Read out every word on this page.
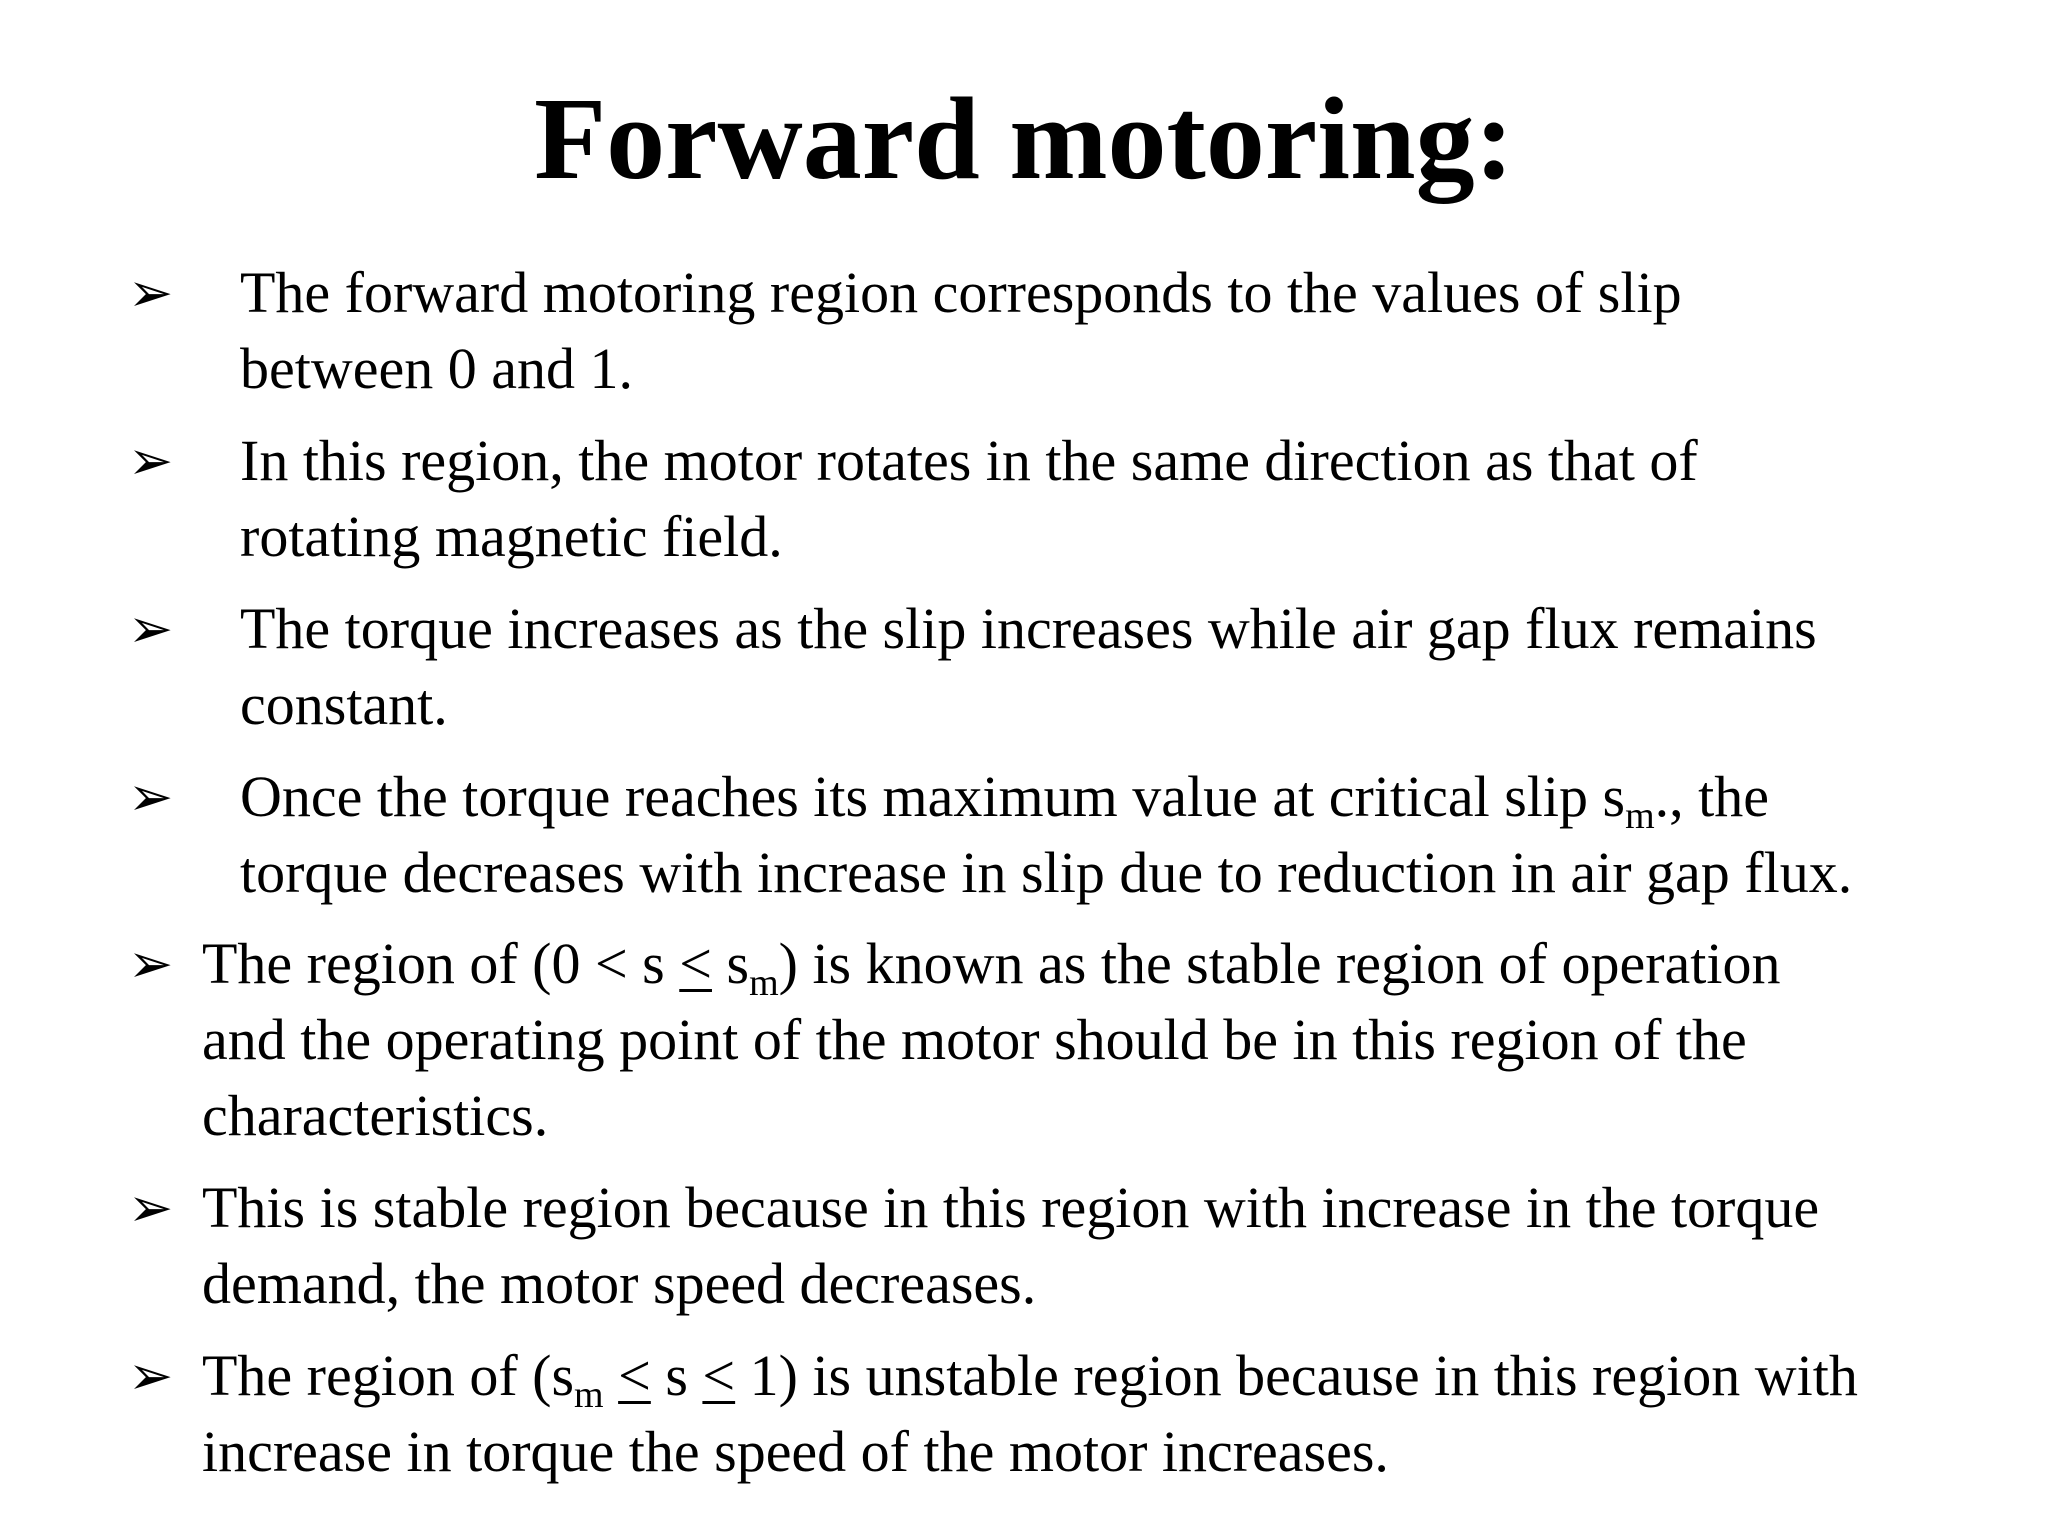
Forward motoring:
➢ The forward motoring region corresponds to the values of slip
between 0 and 1.
➢ In this region, the motor rotates in the same direction as that of
rotating magnetic field.
➢ The torque increases as the slip increases while air gap flux remains
constant.
➢ Once the torque reaches its maximum value at critical slip $s_m$., the
torque decreases with increase in slip due to reduction in air gap flux.
➢ The region of $(0 < s \le s_m)$ is known as the stable region of operation
and the operating point of the motor should be in this region of the
characteristics.
➢ This is stable region because in this region with increase in the torque
demand, the motor speed decreases.
➢ The region of $(s_m \le s \le 1)$ is unstable region because in this region with
increase in torque the speed of the motor increases.
